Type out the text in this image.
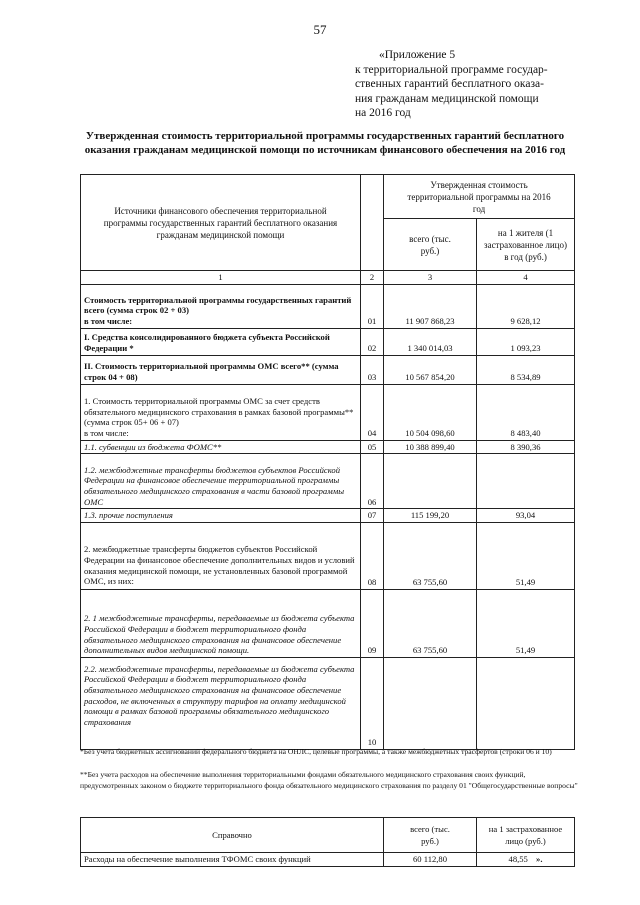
57
«Приложение 5
к территориальной программе государ-
ственных гарантий бесплатного оказа-
ния гражданам медицинской помощи
на 2016 год
Утвержденная стоимость территориальной программы государственных гарантий бесплатного
оказания гражданам медицинской помощи по источникам финансового обеспечения на 2016 год
Источники финансового обеспечения территориальной программы государственных гарантий бесплатного оказания гражданам медицинской помощи		Утвержденная стоимость территориальной программы на 2016 год	
		всего (тыс. руб.)	на 1 жителя (1 застрахованное лицо) в год (руб.)
1	2	3	4

Стоимость территориальной программы государственных гарантий всего (сумма строк 02 + 03)
в том числе:	01	11 907 868,23	9 628,12
I. Средства консолидированного бюджета субъекта Российской Федерации *	02	1 340 014,03	1 093,23
II. Стоимость территориальной программы ОМС всего** (сумма строк 04 + 08)	03	10 567 854,20	8 534,89

1. Стоимость территориальной программы ОМС за счет средств обязательного медицинского страхования в рамках базовой программы** (сумма строк 05+ 06 + 07)
в том числе:	04	10 504 098,60	8 483,40
1.1. субвенции из бюджета ФОМС**	05	10 388 899,40	8 390,36
1.2. межбюджетные трансферты бюджетов субъектов Российской Федерации на финансовое обеспечение территориальной программы обязательного медицинского страхования в части базовой программы ОМС	06		
1.3. прочие поступления	07	115 199,20	93,04
2. межбюджетные трансферты бюджетов субъектов Российской Федерации на финансовое обеспечение дополнительных видов и условий оказания медицинской помощи, не установленных базовой программой ОМС, из них:	08	63 755,60	51,49
2. 1 межбюджетные трансферты, передаваемые из бюджета субъекта Российской Федерации в бюджет территориального фонда обязательного медицинского страхования на финансовое обеспечение дополнительных видов медицинской помощи.	09	63 755,60	51,49
2.2. межбюджетные трансферты, передаваемые из бюджета субъекта Российской Федерации в бюджет территориального фонда обязательного медицинского страхования на финансовое обеспечение расходов, не включенных в структуру тарифов на оплату медицинской помощи в рамках базовой программы обязательного медицинского страхования	10		
*Без учета бюджетных ассигнований федерального бюджета на ОНЛС, целевые программы, а также межбюджетных трасфертов (строки 06 и 10)
**Без учета расходов на обеспечение выполнения территориальными фондами обязательного медицинского страхования своих функций, предусмотренных законом о бюджете территориального фонда обязательного медицинского страхования по разделу 01 "Общегосударственные вопросы"
Справочно	всего (тыс. руб.)	на 1 застрахованное лицо (руб.)
Расходы на обеспечение выполнения ТФОМС своих функций	60 112,80	48,55 ».
